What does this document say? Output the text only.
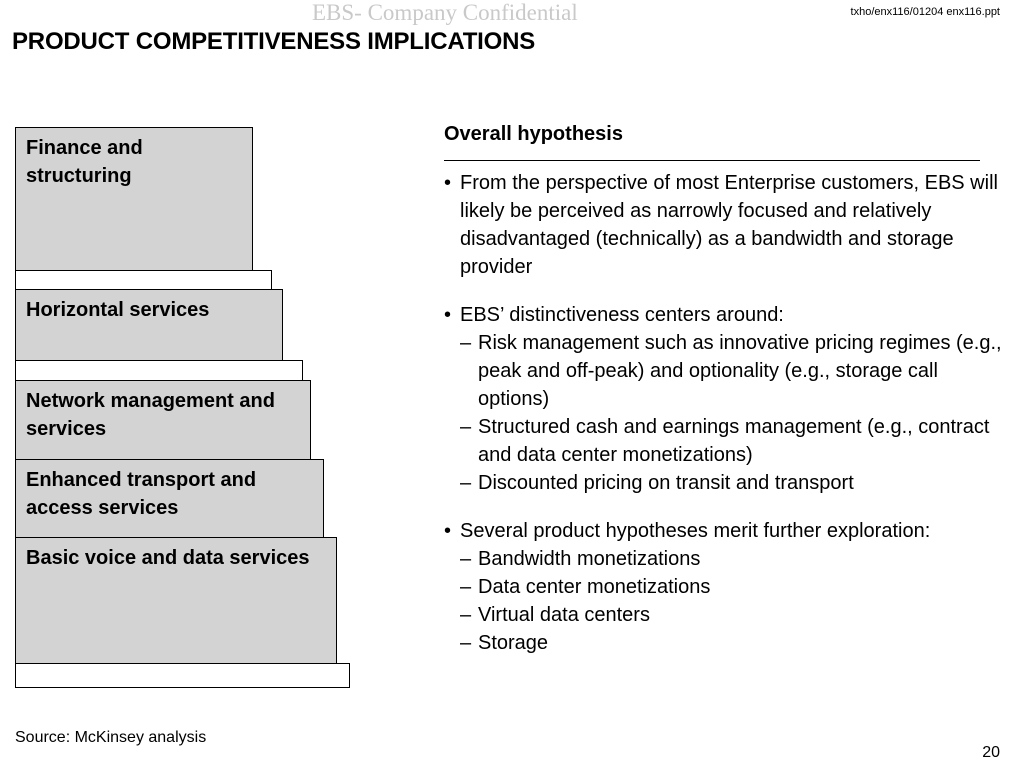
EBS- Company Confidential	txho/enx116/01204 enx116.ppt
PRODUCT COMPETITIVENESS IMPLICATIONS
Finance and structuring
Horizontal services
Network management and services
Enhanced transport and access services
Basic voice and data services
Overall hypothesis
• From the perspective of most Enterprise customers, EBS will likely be perceived as narrowly focused and relatively disadvantaged (technically) as a bandwidth and storage provider
• EBS’ distinctiveness centers around:
– Risk management such as innovative pricing regimes (e.g., peak and off-peak) and optionality (e.g., storage call options)
– Structured cash and earnings management (e.g., contract and data center monetizations)
– Discounted pricing on transit and transport
• Several product hypotheses merit further exploration:
– Bandwidth monetizations
– Data center monetizations
– Virtual data centers
– Storage
Source: McKinsey analysis
20
